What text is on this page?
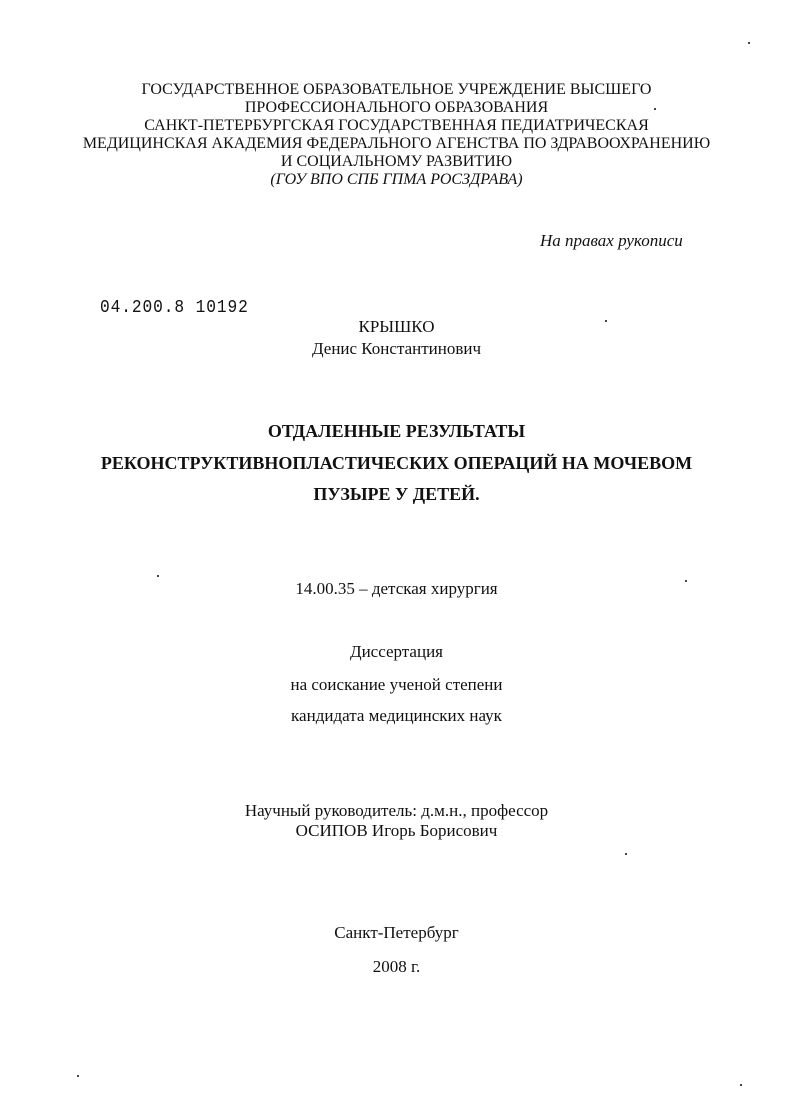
ГОСУДАРСТВЕННОЕ ОБРАЗОВАТЕЛЬНОЕ УЧРЕЖДЕНИЕ ВЫСШЕГО
ПРОФЕССИОНАЛЬНОГО ОБРАЗОВАНИЯ
САНКТ-ПЕТЕРБУРГСКАЯ ГОСУДАРСТВЕННАЯ ПЕДИАТРИЧЕСКАЯ
МЕДИЦИНСКАЯ АКАДЕМИЯ ФЕДЕРАЛЬНОГО АГЕНСТВА ПО ЗДРАВООХРАНЕНИЮ
И СОЦИАЛЬНОМУ РАЗВИТИЮ
(ГОУ ВПО СПБ ГПМА РОСЗДРАВА)
На правах рукописи
04.200.8 10192
КРЫШКО
Денис Константинович
ОТДАЛЕННЫЕ РЕЗУЛЬТАТЫ
РЕКОНСТРУКТИВНОПЛАСТИЧЕСКИХ ОПЕРАЦИЙ НА МОЧЕВОМ
ПУЗЫРЕ У ДЕТЕЙ.
14.00.35 – детская хирургия
Диссертация
на соискание ученой степени
кандидата медицинских наук
Научный руководитель: д.м.н., профессор
ОСИПОВ Игорь Борисович
Санкт-Петербург
2008 г.
